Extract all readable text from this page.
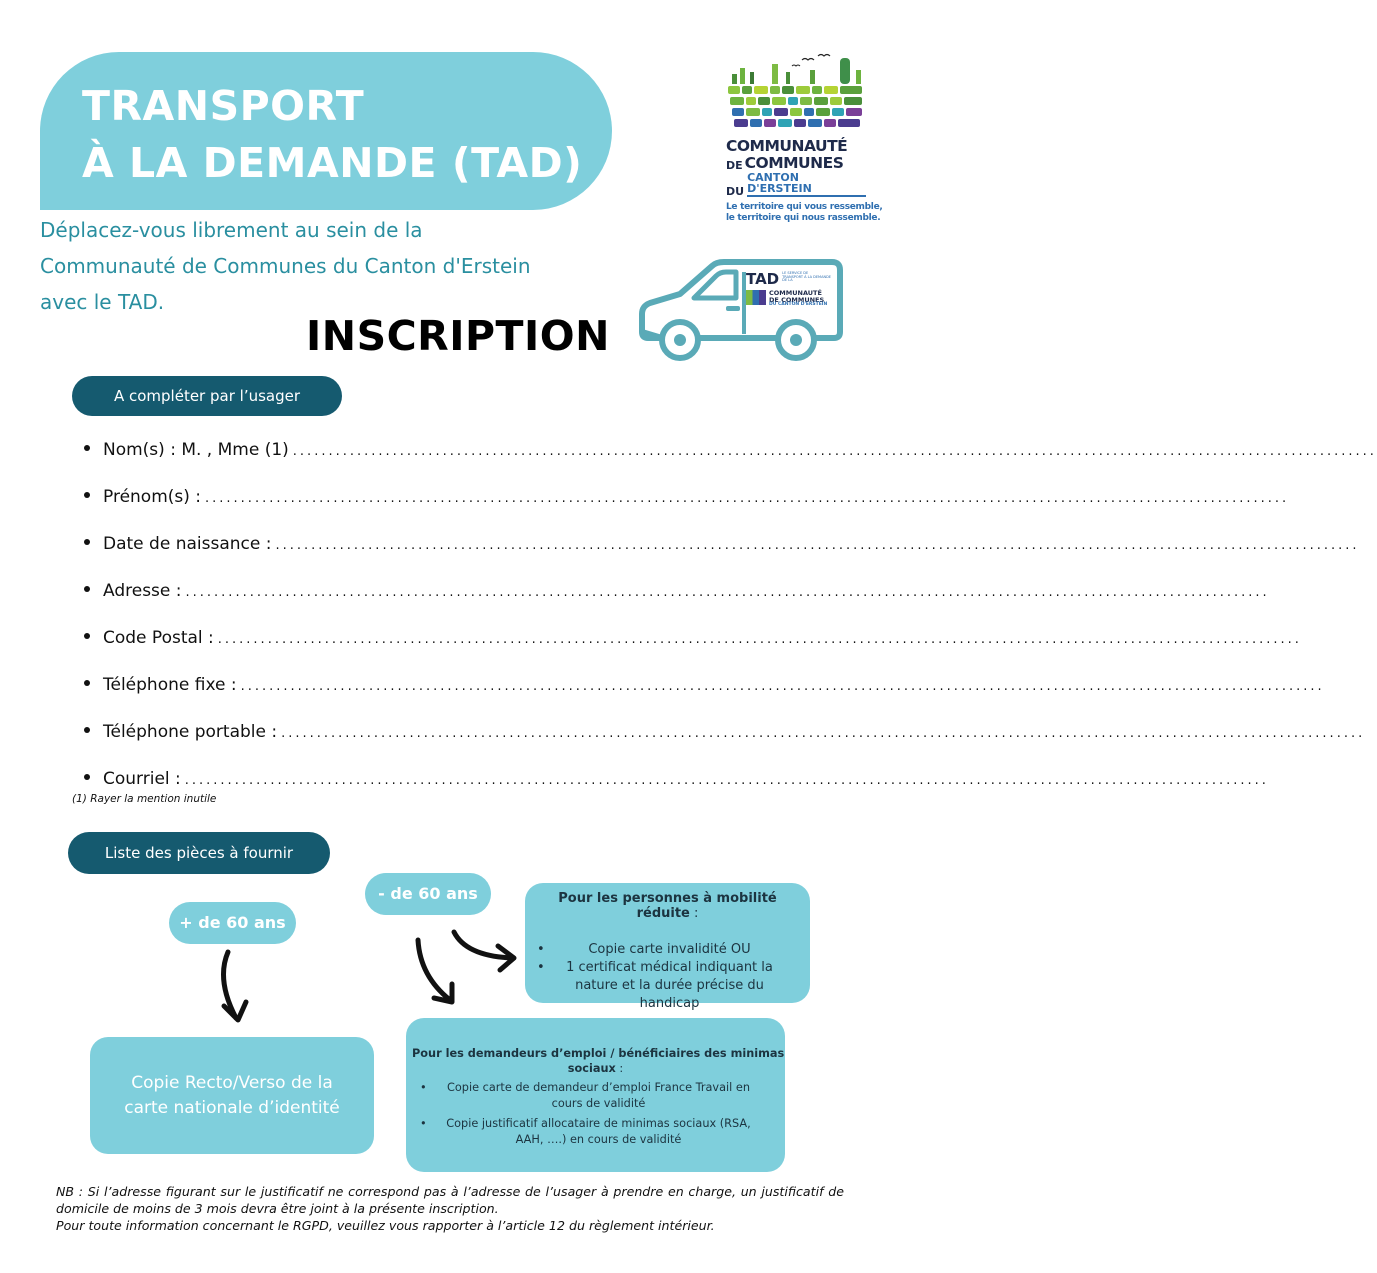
TRANSPORT
À LA DEMANDE (TAD)	COMMUNAUTÉ
DE COMMUNES
DU
CANTON D'ERSTEIN
Le territoire qui vous ressemble,
le territoire qui nous rassemble.
Déplacez-vous librement au sein de la
Communauté de Communes du Canton d'Erstein
avec le TAD.
TAD LE SERVICE DE
TRANSPORT À LA DEMANDE
DE LA
COMMUNAUTÉ
DE COMMUNES
DU CANTON D'ERSTEIN
INSCRIPTION
A compléter par l’usager
Nom(s) : M. , Mme (1) ........................................................................................................................................................
Prénom(s) : ........................................................................................................................................................
Date de naissance : ........................................................................................................................................................
Adresse : ........................................................................................................................................................
Code Postal : ........................................................................................................................................................
Téléphone fixe : ........................................................................................................................................................
Téléphone portable : ........................................................................................................................................................
Courriel : ........................................................................................................................................................
(1) Rayer la mention inutile
Liste des pièces à fournir
+ de 60 ans
- de 60 ans	Pour les personnes à mobilité réduite :
• Copie carte invalidité OU
• 1 certificat médical indiquant la
nature et la durée précise du
handicap
Copie Recto/Verso de la
carte nationale d’identité
Pour les demandeurs d’emploi / bénéficiaires des minimas
sociaux :
• Copie carte de demandeur d’emploi France Travail en
cours de validité
• Copie justificatif allocataire de minimas sociaux (RSA,
AAH, ….) en cours de validité
NB : Si l’adresse figurant sur le justificatif ne correspond pas à l’adresse de l’usager à prendre en charge, un justificatif de domicile de moins de 3 mois devra être joint à la présente inscription.
Pour toute information concernant le RGPD, veuillez vous rapporter à l’article 12 du règlement intérieur.
